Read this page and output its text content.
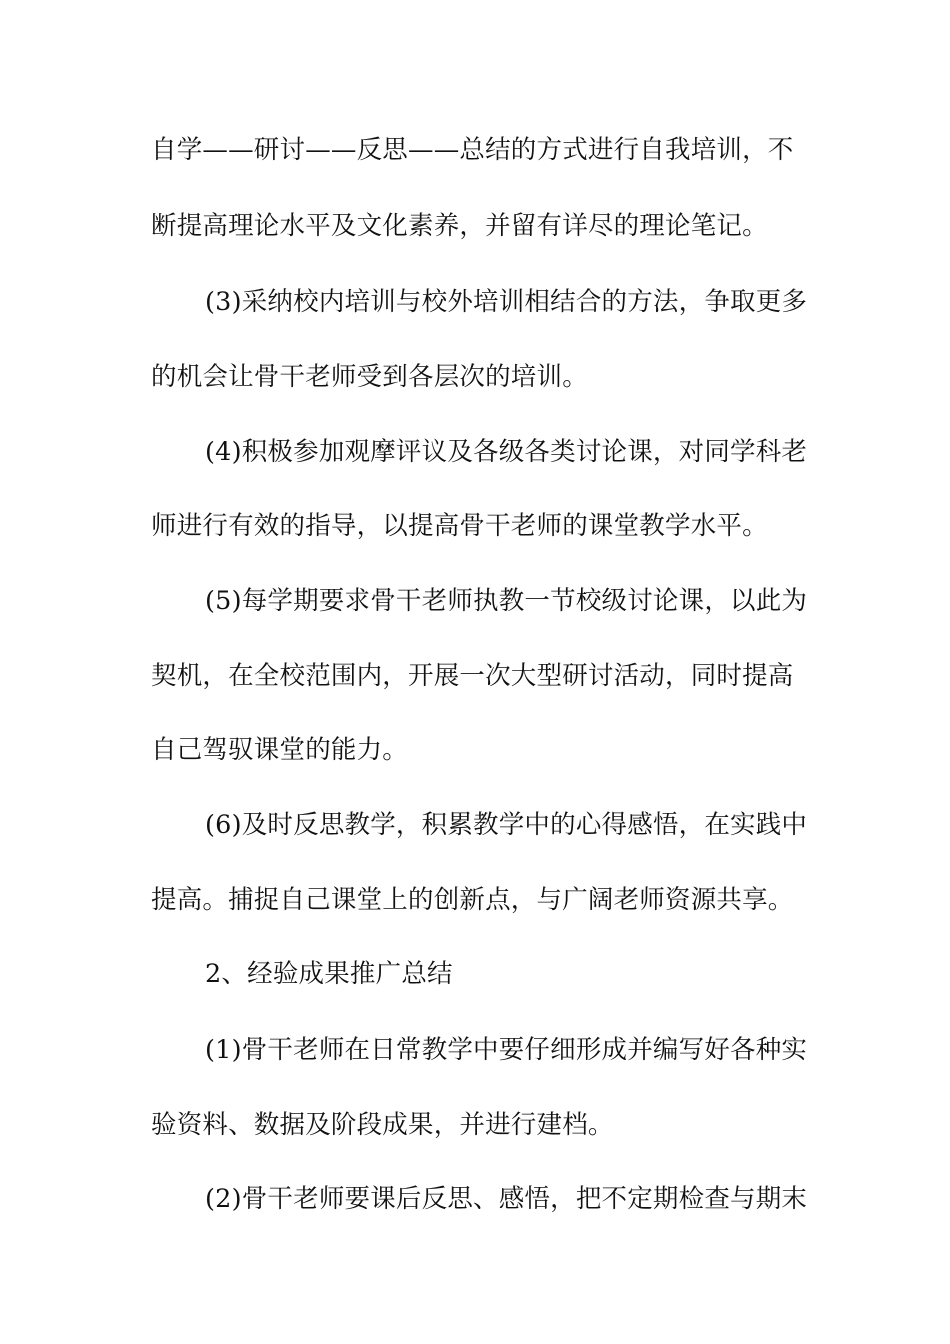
自学——研讨——反思——总结的方式进行自我培训，不
断提高理论水平及文化素养，并留有详尽的理论笔记。
(3)采纳校内培训与校外培训相结合的方法，争取更多
的机会让骨干老师受到各层次的培训。
(4)积极参加观摩评议及各级各类讨论课，对同学科老
师进行有效的指导，以提高骨干老师的课堂教学水平。
(5)每学期要求骨干老师执教一节校级讨论课，以此为
契机，在全校范围内，开展一次大型研讨活动，同时提高
自己驾驭课堂的能力。
(6)及时反思教学，积累教学中的心得感悟，在实践中
提高。捕捉自己课堂上的创新点，与广阔老师资源共享。
2、经验成果推广总结
(1)骨干老师在日常教学中要仔细形成并编写好各种实
验资料、数据及阶段成果，并进行建档。
(2)骨干老师要课后反思、感悟，把不定期检查与期末
